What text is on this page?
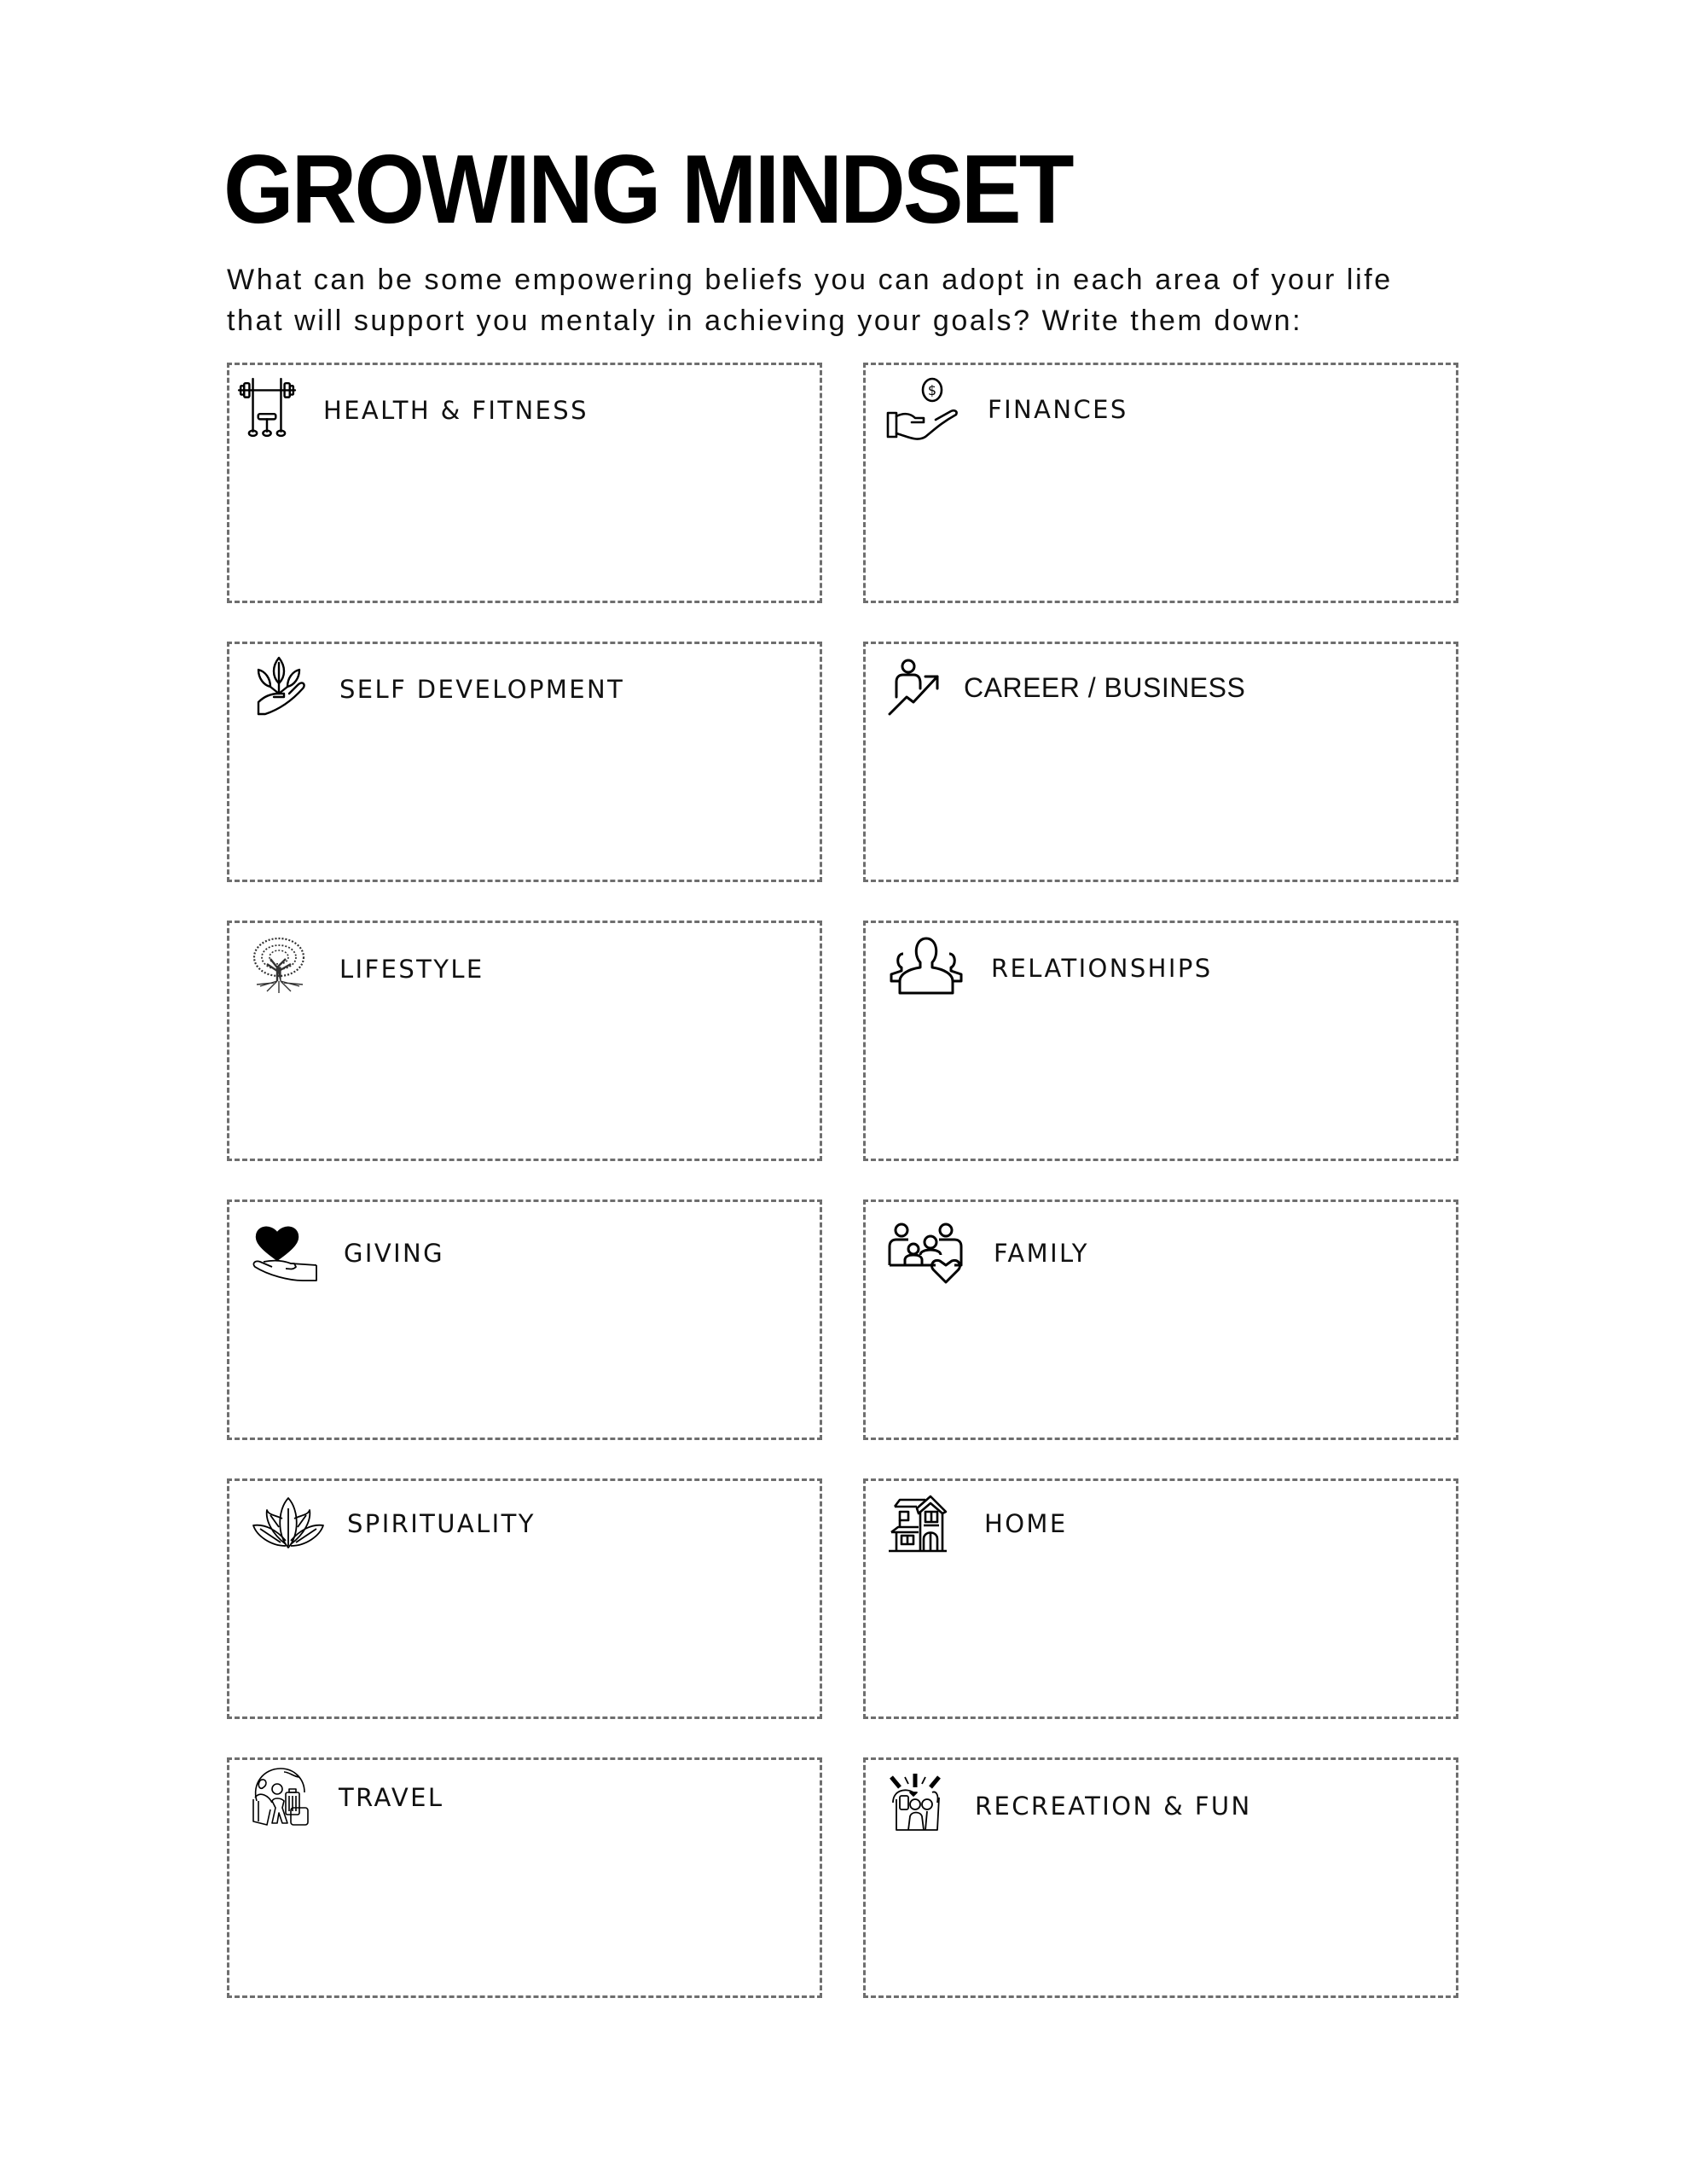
GROWING MINDSET

What can be some empowering beliefs you can adopt in each area of your life
that will support you mentaly in achieving your goals? Write them down:

HEALTH & FITNESS
$
FINANCES
SELF DEVELOPMENT	CAREER / BUSINESS
LIFESTYLE	RELATIONSHIPS
FAMILY
GIVING
SPIRITUALITY	HOME
TRAVEL	RECREATION & FUN
